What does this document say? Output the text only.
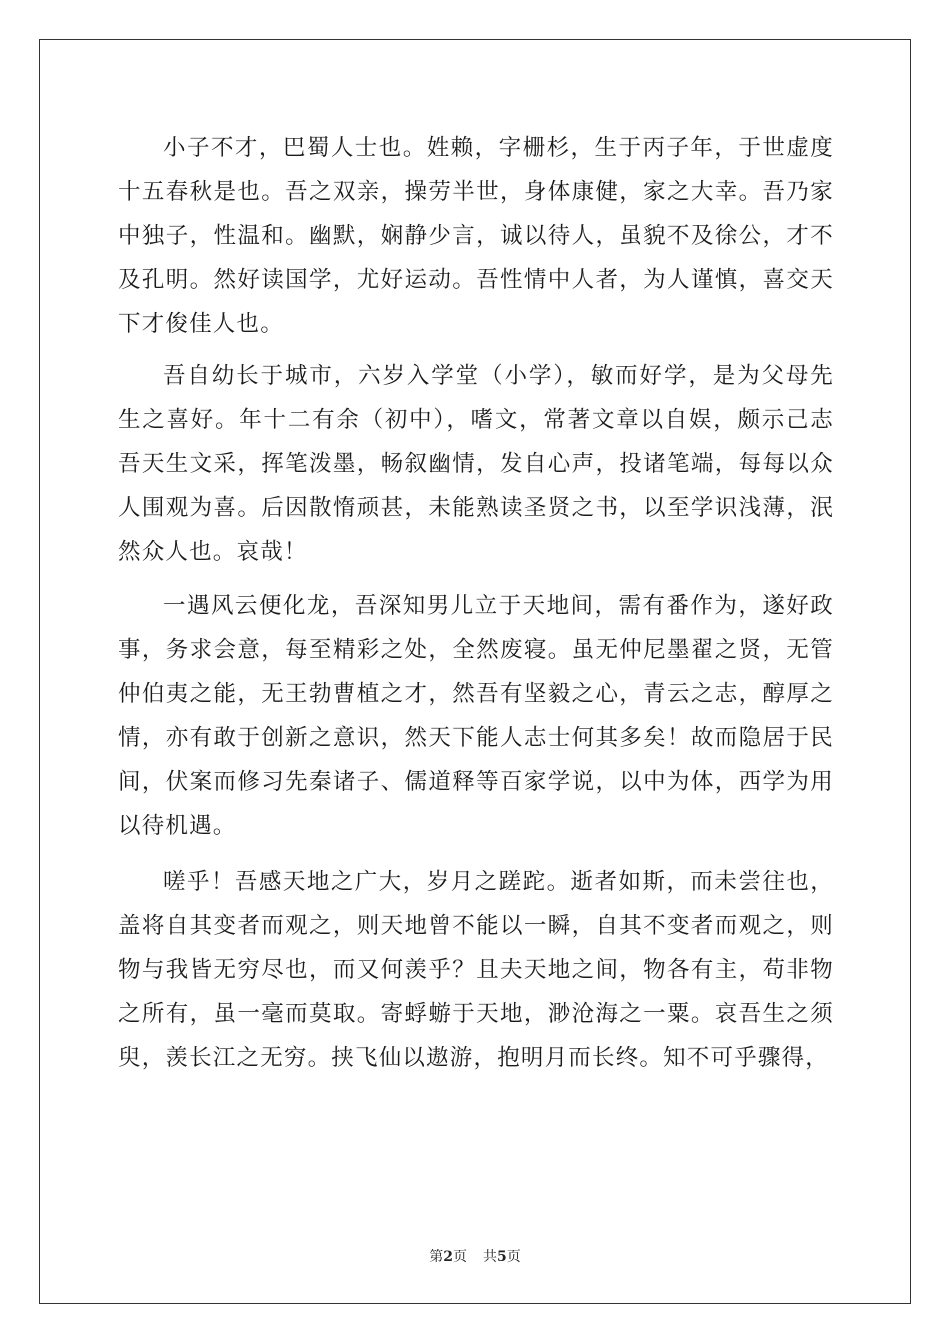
小子不才，巴蜀人士也。姓赖，字栅杉，生于丙子年，于世虚度十五春秋是也。吾之双亲，操劳半世，身体康健，家之大幸。吾乃家中独子，性温和。幽默，娴静少言，诚以待人，虽貌不及徐公，才不及孔明。然好读国学，尤好运动。吾性情中人者，为人谨慎，喜交天下才俊佳人也。

吾自幼长于城市，六岁入学堂（小学），敏而好学，是为父母先生之喜好。年十二有余（初中），嗜文，常著文章以自娱，颇示己志吾天生文采，挥笔泼墨，畅叙幽情，发自心声，投诸笔端，每每以众人围观为喜。后因散惰顽甚，未能熟读圣贤之书，以至学识浅薄，泯然众人也。哀哉！

一遇风云便化龙，吾深知男儿立于天地间，需有番作为，遂好政事，务求会意，每至精彩之处，全然废寝。虽无仲尼墨翟之贤，无管仲伯夷之能，无王勃曹植之才，然吾有坚毅之心，青云之志，醇厚之情，亦有敢于创新之意识，然天下能人志士何其多矣！故而隐居于民间，伏案而修习先秦诸子、儒道释等百家学说，以中为体，西学为用以待机遇。

嗟乎！吾感天地之广大，岁月之蹉跎。逝者如斯，而未尝往也，盖将自其变者而观之，则天地曾不能以一瞬，自其不变者而观之，则物与我皆无穷尽也，而又何羡乎？且夫天地之间，物各有主，苟非物之所有，虽一毫而莫取。寄蜉蝣于天地，渺沧海之一粟。哀吾生之须臾，羡长江之无穷。挟飞仙以遨游，抱明月而长终。知不可乎骤得，

第2页 共5页
